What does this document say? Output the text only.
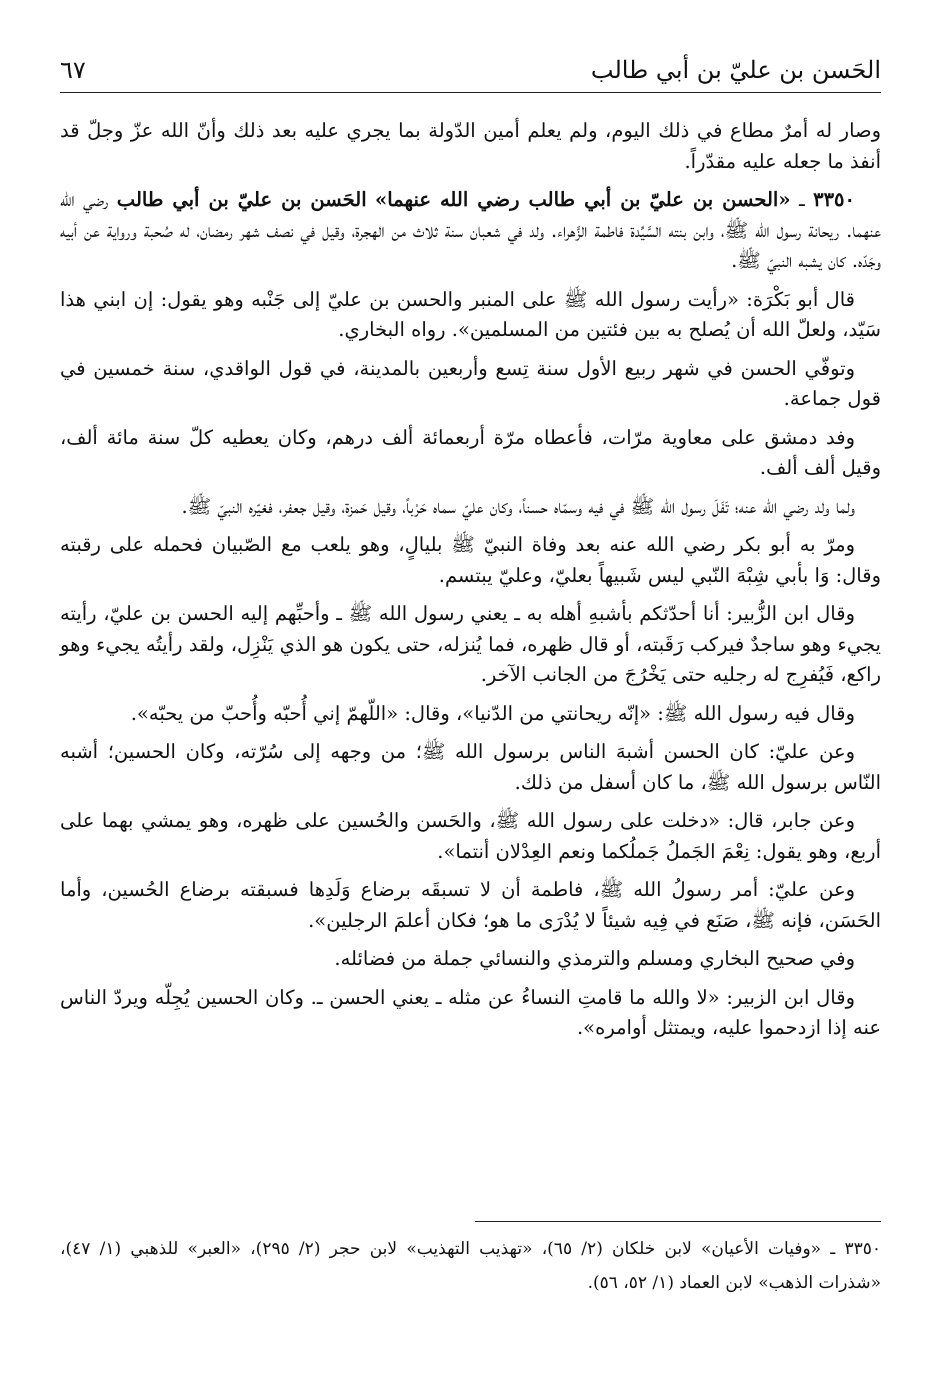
الحَسن بن عليّ بن أبي طالب
٦٧

وصار له أمرٌ مطاع في ذلك اليوم، ولم يعلم أمين الدّولة بما يجري عليه بعد ذلك وأنّ الله عزّ وجلّ قد أنفذ ما جعله عليه مقدّراً.

٣٣٥٠ ـ «الحسن بن عليّ بن أبي طالب رضي الله عنهما» الحَسن بن عليّ بن أبي طالب رضي الله عنهما. ريحانة رسول الله ﷺ، وابن بنته السَّيِّدة فاطمة الزَّهراء. ولد في شعبان سنة ثلاث من الهجرة، وقيل في نصف شهر رمضان، له صُحبة ورواية عن أبيه وجَدّه. كان يشبه النبيّ ﷺ.

قال أبو بَكْرَة: «رأيت رسول الله ﷺ على المنبر والحسن بن عليّ إلى جَنْبه وهو يقول: إن ابني هذا سَيّد، ولعلّ الله أن يُصلح به بين فئتين من المسلمين». رواه البخاري.

وتوفّي الحسن في شهر ربيع الأول سنة تِسع وأربعين بالمدينة، في قول الواقدي، سنة خمسين في قول جماعة.

وفد دمشق على معاوية مرّات، فأعطاه مرّة أربعمائة ألف درهم، وكان يعطيه كلّ سنة مائة ألف، وقيل ألف ألف.

ولما ولد رضي الله عنه؛ تَفَلَ رسول الله ﷺ في فيه وسمّاه حسناً، وكان عليّ سماه حَرْباً، وقيل حَمزة، وقيل جعفر، فغيّره النبيّ ﷺ.

ومرّ به أبو بكر رضي الله عنه بعد وفاة النبيّ ﷺ بليالٍ، وهو يلعب مع الصّبيان فحمله على رقبته وقال: وَا بأبي شِبْهَ النّبي ليس شَبيهاً بعليّ، وعليّ يبتسم.

وقال ابن الزُّبير: أنا أحدّثكم بأشبهِ أهله به ـ يعني رسول الله ﷺ ـ وأحبِّهم إليه الحسن بن عليّ، رأيته يجيء وهو ساجدٌ فيركب رَقَبته، أو قال ظهره، فما يُنزله، حتى يكون هو الذي يَنْزِل، ولقد رأيتُه يجيء وهو راكع، فَيُفرِج له رجليه حتى يَخْرُجَ من الجانب الآخر.

وقال فيه رسول الله ﷺ: «إنّه ريحانتي من الدّنيا»، وقال: «اللّهمّ إني أُحبّه وأُحبّ من يحبّه».

وعن عليّ: كان الحسن أشبهَ الناس برسول الله ﷺ؛ من وجهه إلى سُرّته، وكان الحسين؛ أشبه النّاس برسول الله ﷺ، ما كان أسفل من ذلك.

وعن جابر، قال: «دخلت على رسول الله ﷺ، والحَسن والحُسين على ظهره، وهو يمشي بهما على أربع، وهو يقول: نِعْمَ الجَملُ جَملُكما ونعم العِدْلان أنتما».

وعن عليّ: أمر رسولُ الله ﷺ، فاطمة أن لا تسبقَه برضاع وَلَدِها فسبقته برضاع الحُسين، وأما الحَسَن، فإنه ﷺ، صَنَع في فِيه شيئاً لا يُدْرَى ما هو؛ فكان أعلمَ الرجلين».

وفي صحيح البخاري ومسلم والترمذي والنسائي جملة من فضائله.

وقال ابن الزبير: «لا والله ما قامتِ النساءُ عن مثله ـ يعني الحسن ـ. وكان الحسين يُجِلّه ويردّ الناس عنه إذا ازدحموا عليه، ويمتثل أوامره».

٣٣٥٠ ـ «وفيات الأعيان» لابن خلكان (٢/ ٦٥)، «تهذيب التهذيب» لابن حجر (٢/ ٢٩٥)، «العبر» للذهبي (١/ ٤٧)، «شذرات الذهب» لابن العماد (١/ ٥٢، ٥٦).
